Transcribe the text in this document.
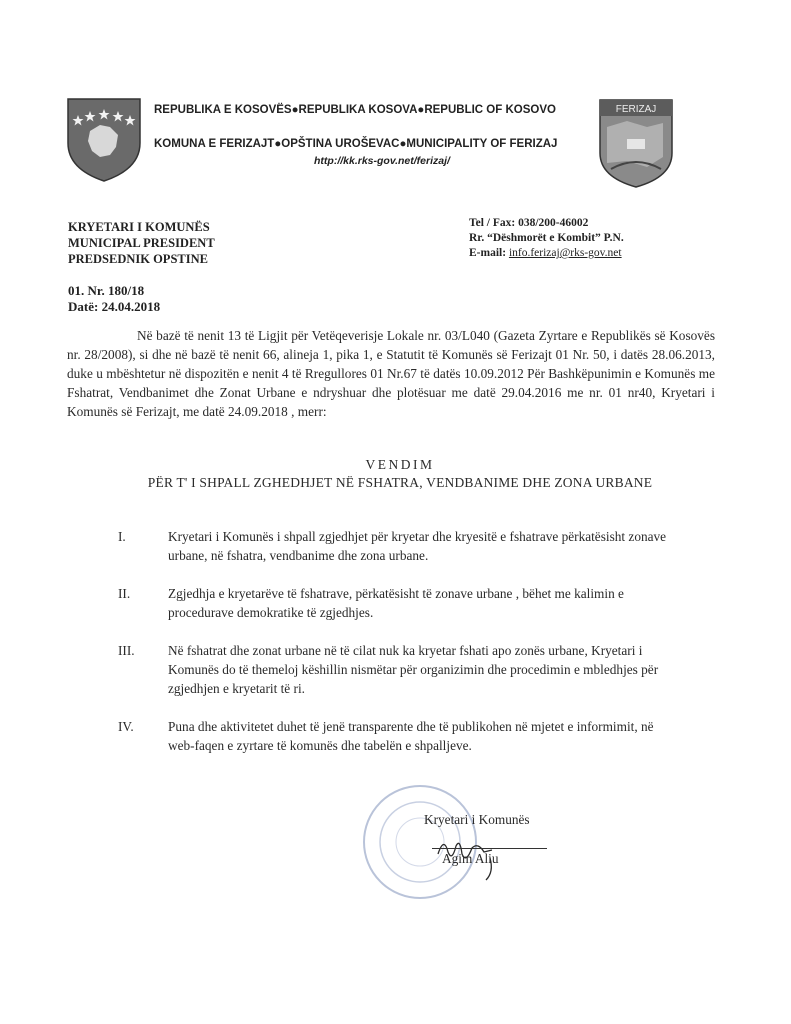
REPUBLIKA E KOSOVËS●REPUBLIKA KOSOVA●REPUBLIC OF KOSOVO
KOMUNA E FERIZAJT●OPŠTINA UROŠEVAC●MUNICIPALITY OF FERIZAJ
http://kk.rks-gov.net/ferizaj/
FERIZAJ
KRYETARI I KOMUNËS
MUNICIPAL PRESIDENT
PREDSEDNIK OPSTINE
Tel / Fax: 038/200-46002
Rr. “Dëshmorët e Kombit” P.N.
E-mail: info.ferizaj@rks-gov.net
01. Nr. 180/18
Datë: 24.04.2018
Në bazë të nenit 13 të Ligjit për Vetëqeverisje Lokale nr. 03/L040 (Gazeta Zyrtare e Republikës së Kosovës nr. 28/2008), si dhe në bazë të nenit 66, alineja 1, pika 1, e Statutit të Komunës së Ferizajt 01 Nr. 50, i datës 28.06.2013, duke u mbështetur në dispozitën e nenit 4 të Rregullores 01 Nr.67 të datës 10.09.2012 Për Bashkëpunimin e Komunës me Fshatrat, Vendbanimet dhe Zonat Urbane e ndryshuar dhe plotësuar me datë 29.04.2016 me nr. 01 nr40, Kryetari i Komunës së Ferizajt, me datë 24.09.2018 , merr:
VENDIM
PËR T' I SHPALL ZGHEDHJET NË FSHATRA, VENDBANIME DHE ZONA URBANE
I.	Kryetari i Komunës i shpall zgjedhjet për kryetar dhe kryesitë e fshatrave përkatësisht zonave urbane, në fshatra, vendbanime dhe zona urbane.
II.	Zgjedhja e kryetarëve të fshatrave, përkatësisht të zonave urbane , bëhet me kalimin e procedurave demokratike të zgjedhjes.
III.	Në fshatrat dhe zonat urbane në të cilat nuk ka kryetar fshati apo zonës urbane, Kryetari i Komunës do të themeloj këshillin nismëtar për organizimin dhe procedimin e mbledhjes për zgjedhjen e kryetarit të ri.
IV.	Puna dhe aktivitetet duhet të jenë transparente dhe të publikohen në mjetet e informimit, në web-faqen e zyrtare të komunës dhe tabelën e shpalljeve.
Kryetari i Komunës
Agim Aliu
